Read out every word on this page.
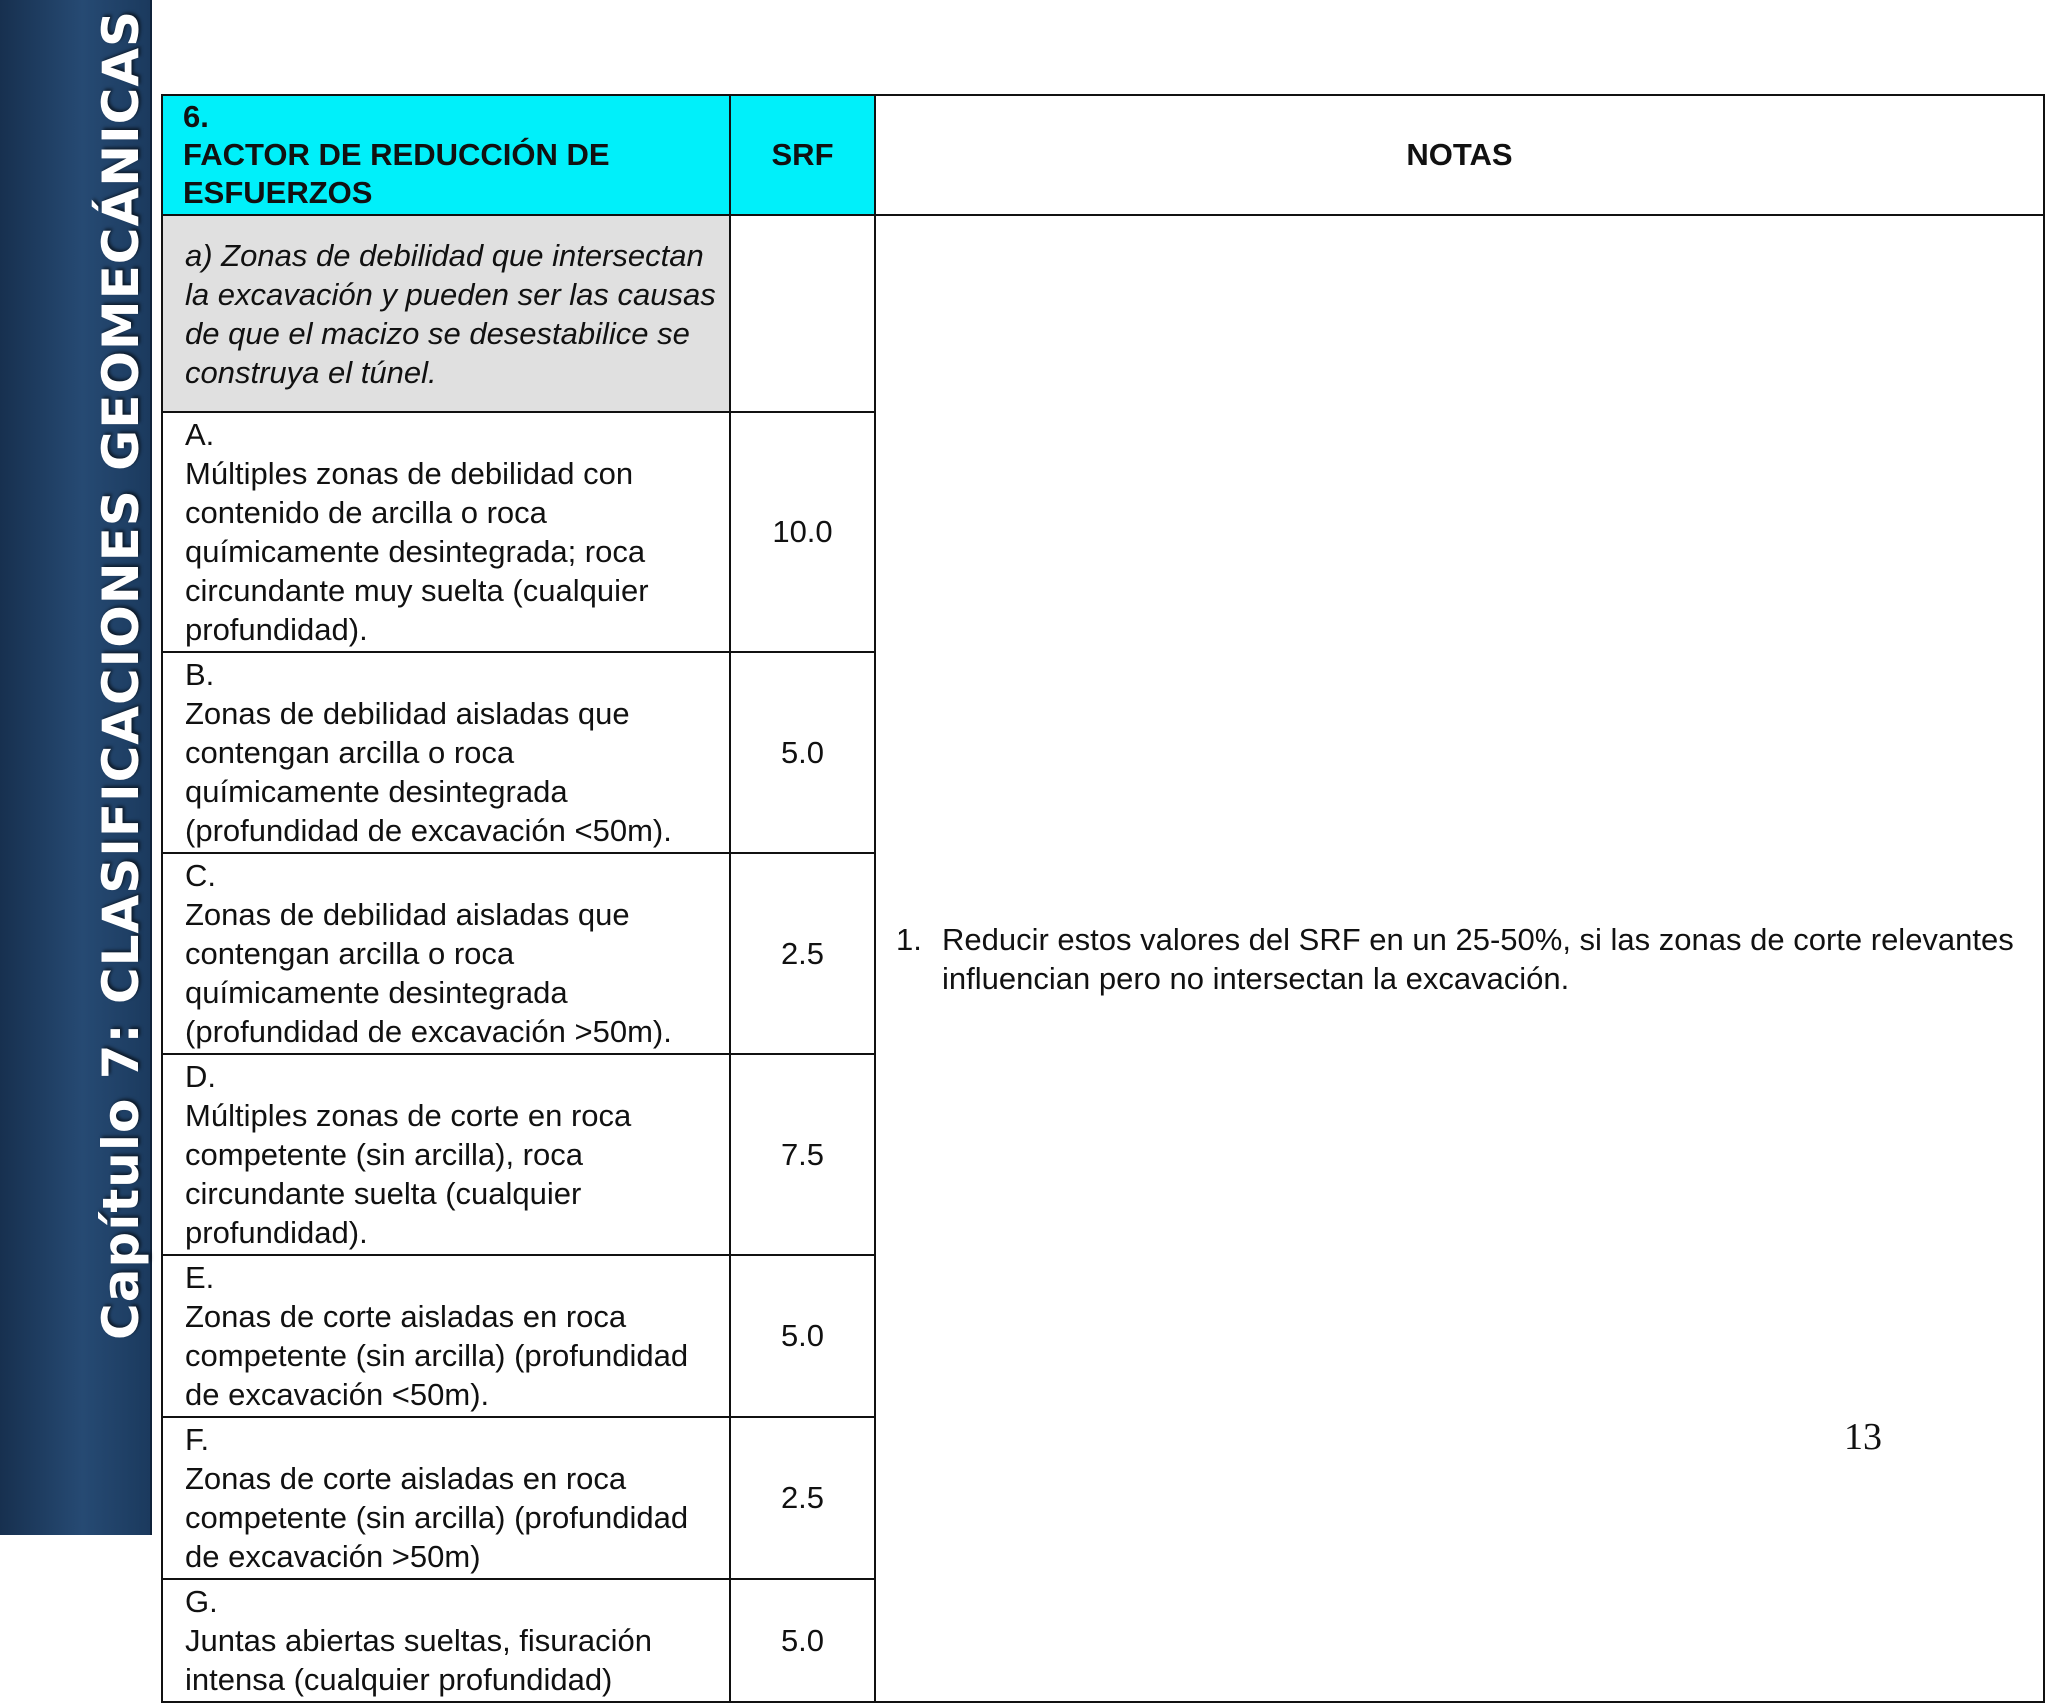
Capítulo 7: CLASIFICACIONES GEOMECÁNICAS 6.FACTOR DE REDUCCIÓN DE ESFUERZOS	SRF	NOTAS
a) Zonas de debilidad que intersectan la excavación y pueden ser las causas de que el macizo se desestabilice se construya el túnel.		1. Reducir estos valores del SRF en un 25-50%, si las zonas de corte relevantes influencian pero no intersectan la excavación.
A.Múltiples zonas de debilidad con contenido de arcilla o roca químicamente desintegrada; roca circundante muy suelta (cualquier profundidad).	10.0	
B.Zonas de debilidad aisladas que contengan arcilla o roca químicamente desintegrada (profundidad de excavación <50m).	5.0	
C.Zonas de debilidad aisladas que contengan arcilla o roca químicamente desintegrada (profundidad de excavación >50m).	2.5	
D.Múltiples zonas de corte en roca competente (sin arcilla), roca circundante suelta (cualquier profundidad).	7.5	
E.Zonas de corte aisladas en roca competente (sin arcilla) (profundidad de excavación <50m).	5.0	
F.Zonas de corte aisladas en roca competente (sin arcilla) (profundidad de excavación >50m)	2.5	
G.Juntas abiertas sueltas, fisuración intensa (cualquier profundidad)	5.0	
13
